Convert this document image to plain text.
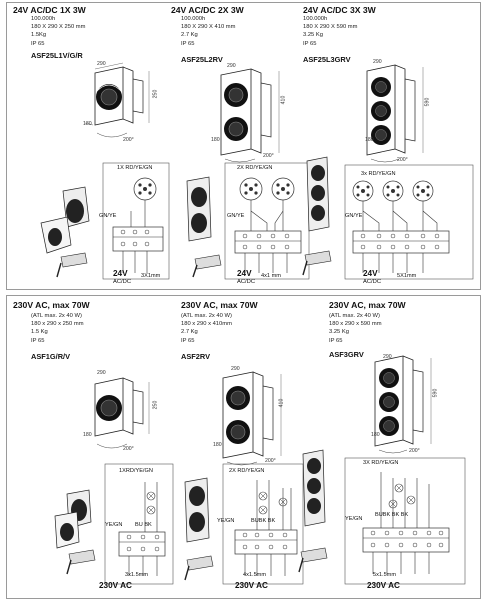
24V AC/DC 1X 3W
100.000h
180 X 290 X 250 mm
1.5Kg
IP 65
ASF25L1V/G/R
290
250
180
200°
1X RD/YE/GN
GN/YE
24V
AC/DC
3X1mm
24V AC/DC 2X 3W
100.000h
180 X 290 X 410 mm
2.7 Kg
IP 65
ASF25L2RV
290
410
180
200°
2X RD/YE/GN
GN/YE
24V
AC/DC
4x1 mm
24V AC/DC 3X 3W
100.000h
180 X 290 X 590 mm
3.25 Kg
IP 65
ASF25L3GRV	290
590
180
200°
3x RD/YE/GN
GN/YE
24V
AC/DC
5X1mm
230V AC, max 70W
(ATL max. 2x 40 W)
180 x 290 x 250 mm
1.5 Kg
IP 65
ASF1G/R/V
290
250
180
200°
1XRD/YE/GN
YE/GN BU BK
3x1.5mm
230V AC
230V AC, max 70W
(ATL max. 2x 40 W)
180 x 290 x 410mm
2.7 Kg
IP 65
ASF2RV
290
410
180
200°
2X RD/YE/GN
YE/GN	BUBK BK
4x1.5mm
230V AC
230V AC, max 70W
(ATL max. 2x 40 W)
180 x 290 x 590 mm
3.25 Kg
IP 65
ASF3GRV	290
590
180
200°
3X RD/YE/GN
YE/GN
BUBK BK BK
5x1.5mm
230V AC
